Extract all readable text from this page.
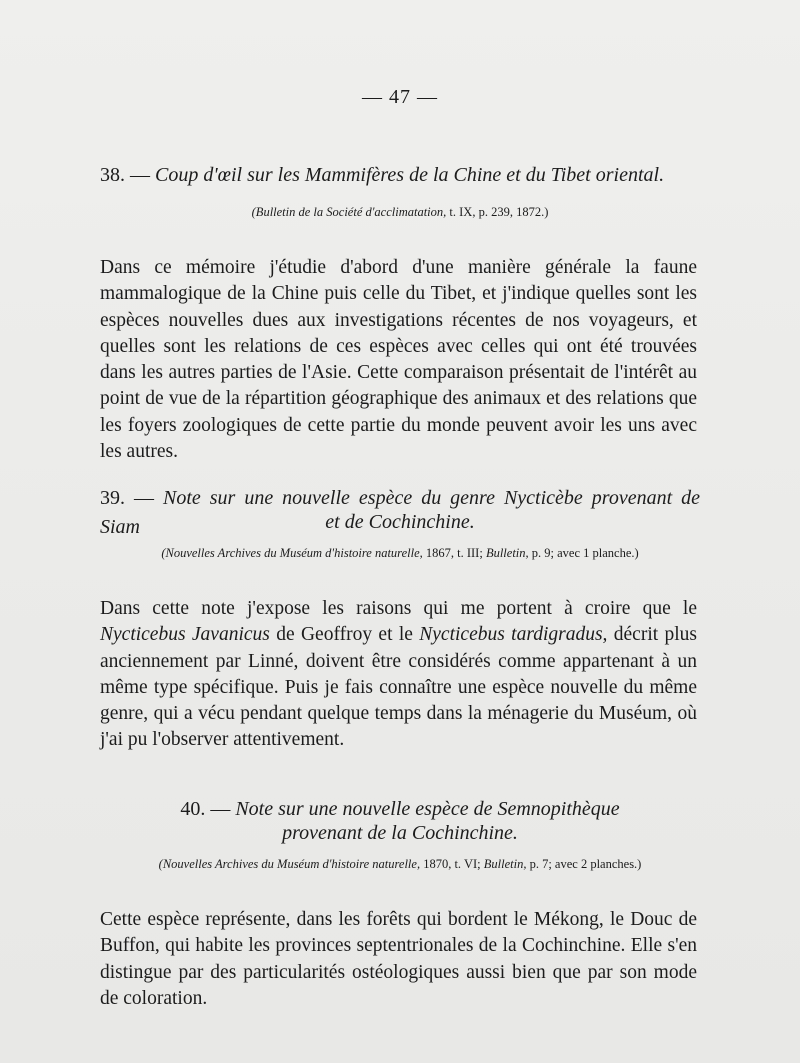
— 47 —
38. — Coup d'œil sur les Mammifères de la Chine et du Tibet oriental.
(Bulletin de la Société d'acclimatation, t. IX, p. 239, 1872.)

Dans ce mémoire j'étudie d'abord d'une manière générale la faune mammalogique de la Chine puis celle du Tibet, et j'indique quelles sont les espèces nouvelles dues aux investigations récentes de nos voyageurs, et quelles sont les relations de ces espèces avec celles qui ont été trouvées dans les autres parties de l'Asie. Cette comparaison présentait de l'intérêt au point de vue de la répartition géographique des animaux et des relations que les foyers zoologiques de cette partie du monde peuvent avoir les uns avec les autres.

39. — Note sur une nouvelle espèce du genre Nycticèbe provenant de Siam	et de Cochinchine.
(Nouvelles Archives du Muséum d'histoire naturelle, 1867, t. III; Bulletin, p. 9; avec 1 planche.)

Dans cette note j'expose les raisons qui me portent à croire que le Nycticebus Javanicus de Geoffroy et le Nycticebus tardigradus, décrit plus anciennement par Linné, doivent être considérés comme appartenant à un même type spécifique. Puis je fais connaître une espèce nouvelle du même genre, qui a vécu pendant quelque temps dans la ménagerie du Muséum, où j'ai pu l'observer attentivement.

40. — Note sur une nouvelle espèce de Semnopithèque
provenant de la Cochinchine.
(Nouvelles Archives du Muséum d'histoire naturelle, 1870, t. VI; Bulletin, p. 7; avec 2 planches.)

Cette espèce représente, dans les forêts qui bordent le Mékong, le Douc de Buffon, qui habite les provinces septentrionales de la Cochinchine. Elle s'en distingue par des particularités ostéologiques aussi bien que par son mode de coloration.
